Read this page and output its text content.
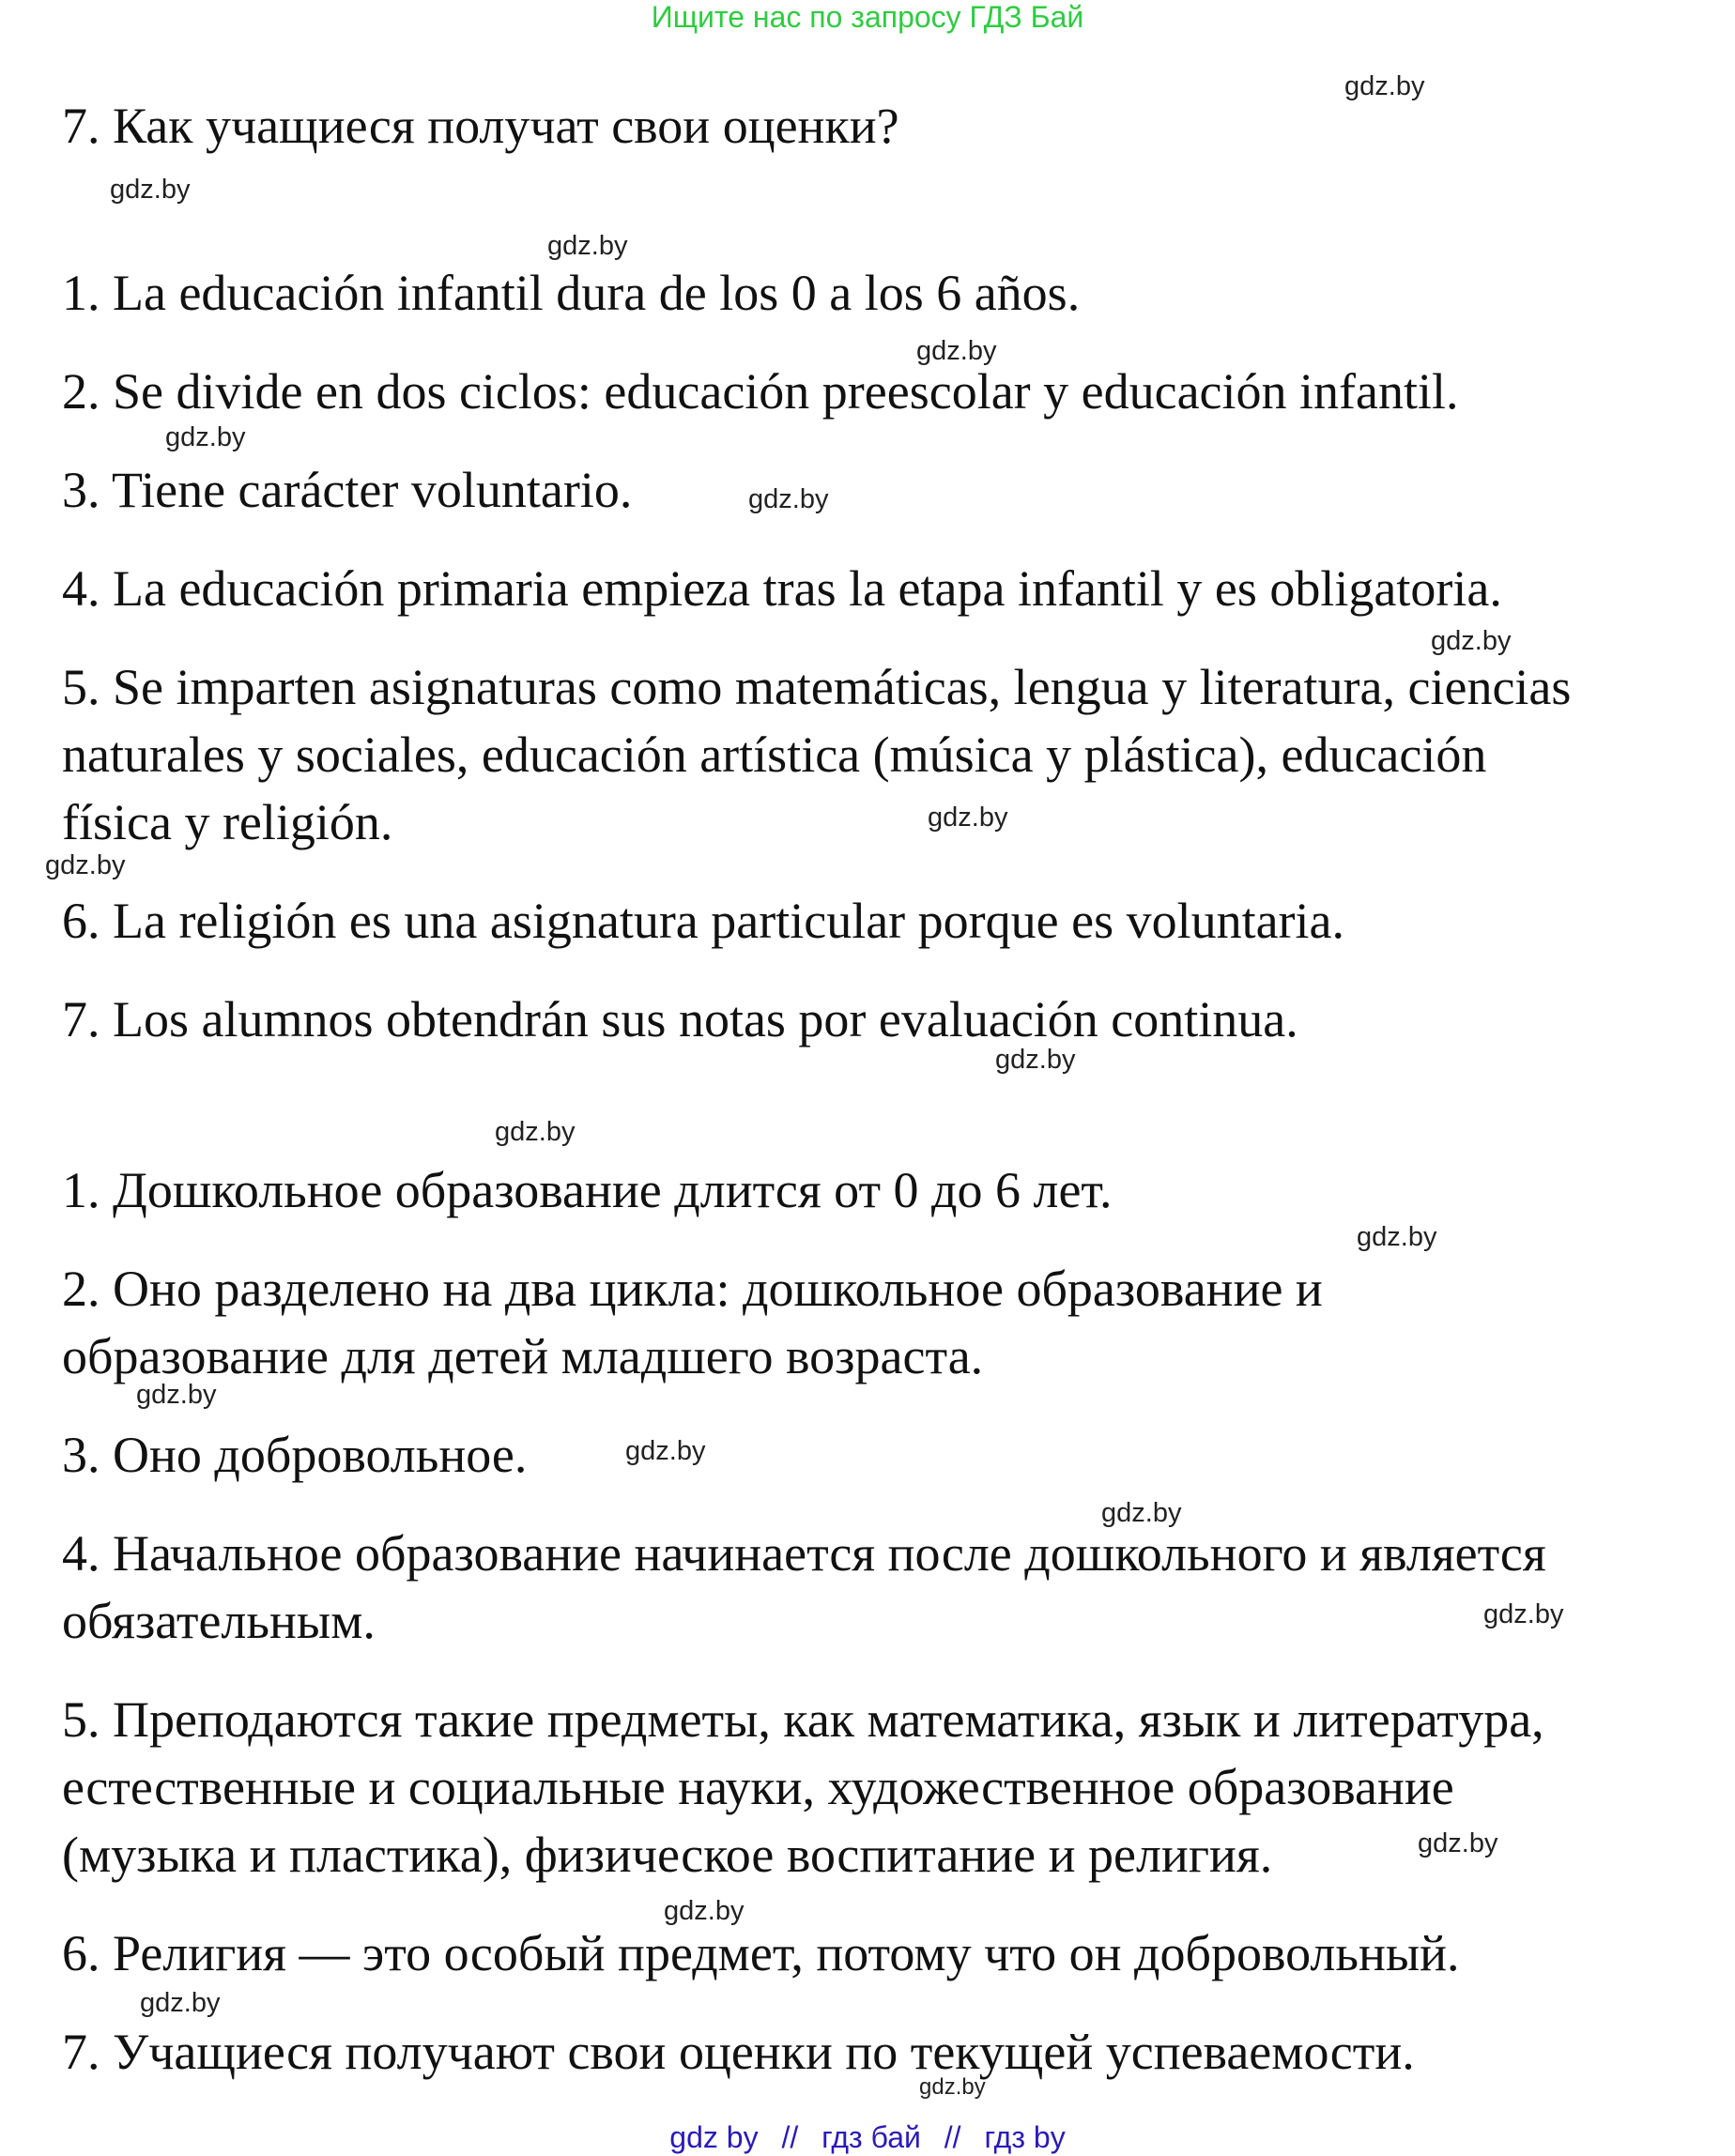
Ищите нас по запросу ГДЗ Бай
7. Как учащиеся получат свои оценки?
1. La educación infantil dura de los 0 a los 6 años.
2. Se divide en dos ciclos: educación preescolar y educación infantil.
3. Tiene carácter voluntario.
4. La educación primaria empieza tras la etapa infantil y es obligatoria.
5. Se imparten asignaturas como matemáticas, lengua y literatura, ciencias
naturales y sociales, educación artística (música y plástica), educación
física y religión.
6. La religión es una asignatura particular porque es voluntaria.
7. Los alumnos obtendrán sus notas por evaluación continua.
1. Дошкольное образование длится от 0 до 6 лет.
2. Оно разделено на два цикла: дошкольное образование и
образование для детей младшего возраста.
3. Оно добровольное.
4. Начальное образование начинается после дошкольного и является
обязательным.
5. Преподаются такие предметы, как математика, язык и литература,
естественные и социальные науки, художественное образование
(музыка и пластика), физическое воспитание и религия.
6. Религия — это особый предмет, потому что он добровольный.
7. Учащиеся получают свои оценки по текущей успеваемости.
gdz.by
gdz.by
gdz.by
gdz.by
gdz.by
gdz.by
gdz.by
gdz.by
gdz.by
gdz.by
gdz.by
gdz.by
gdz.by
gdz.by
gdz.by
gdz.by
gdz.by
gdz.by
gdz.by
gdz.by
gdz by // гдз бай // гдз by
